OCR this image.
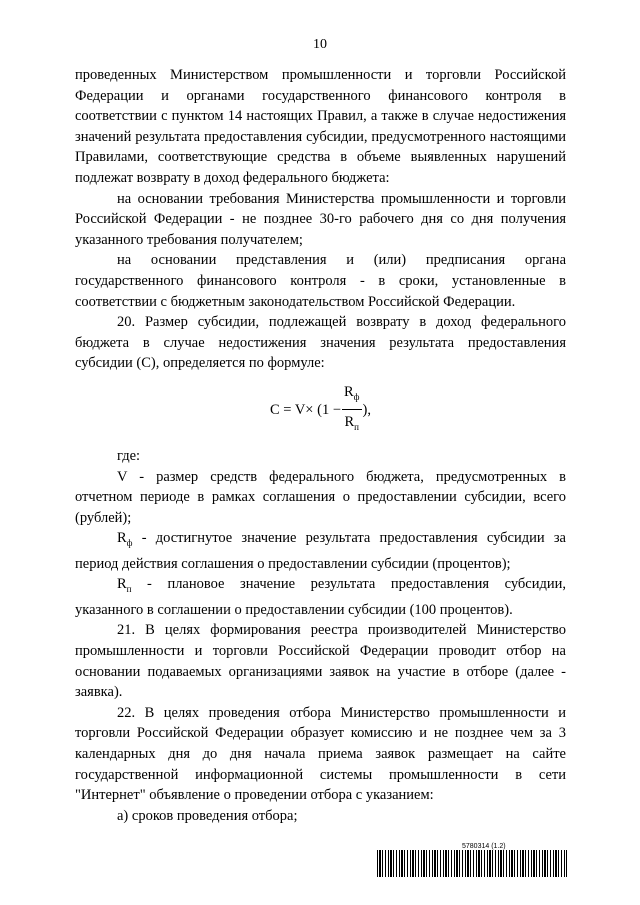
10

проведенных Министерством промышленности и торговли Российской Федерации и органами государственного финансового контроля в соответствии с пунктом 14 настоящих Правил, а также в случае недостижения значений результата предоставления субсидии, предусмотренного настоящими Правилами, соответствующие средства в объеме выявленных нарушений подлежат возврату в доход федерального бюджета:

на основании требования Министерства промышленности и торговли Российской Федерации - не позднее 30-го рабочего дня со дня получения указанного требования получателем;

на основании представления и (или) предписания органа государственного финансового контроля - в сроки, установленные в соответствии с бюджетным законодательством Российской Федерации.

20. Размер субсидии, подлежащей возврату в доход федерального бюджета в случае недостижения значения результата предоставления субсидии (C), определяется по формуле:

$C = V\times (1 - \frac{R_ф}{R_п}$ ),

где:

V - размер средств федерального бюджета, предусмотренных в отчетном периоде в рамках соглашения о предоставлении субсидии, всего (рублей);

$R_ф$ - достигнутое значение результата предоставления субсидии за период действия соглашения о предоставлении субсидии (процентов);

$R_п$ - плановое значение результата предоставления субсидии, указанного в соглашении о предоставлении субсидии (100 процентов).

21. В целях формирования реестра производителей Министерство промышленности и торговли Российской Федерации проводит отбор на основании подаваемых организациями заявок на участие в отборе (далее - заявка).

22. В целях проведения отбора Министерство промышленности и торговли Российской Федерации образует комиссию и не позднее чем за 3 календарных дня до дня начала приема заявок размещает на сайте государственной информационной системы промышленности в сети "Интернет" объявление о проведении отбора с указанием:

а) сроков проведения отбора;

5780314 (1.2)
